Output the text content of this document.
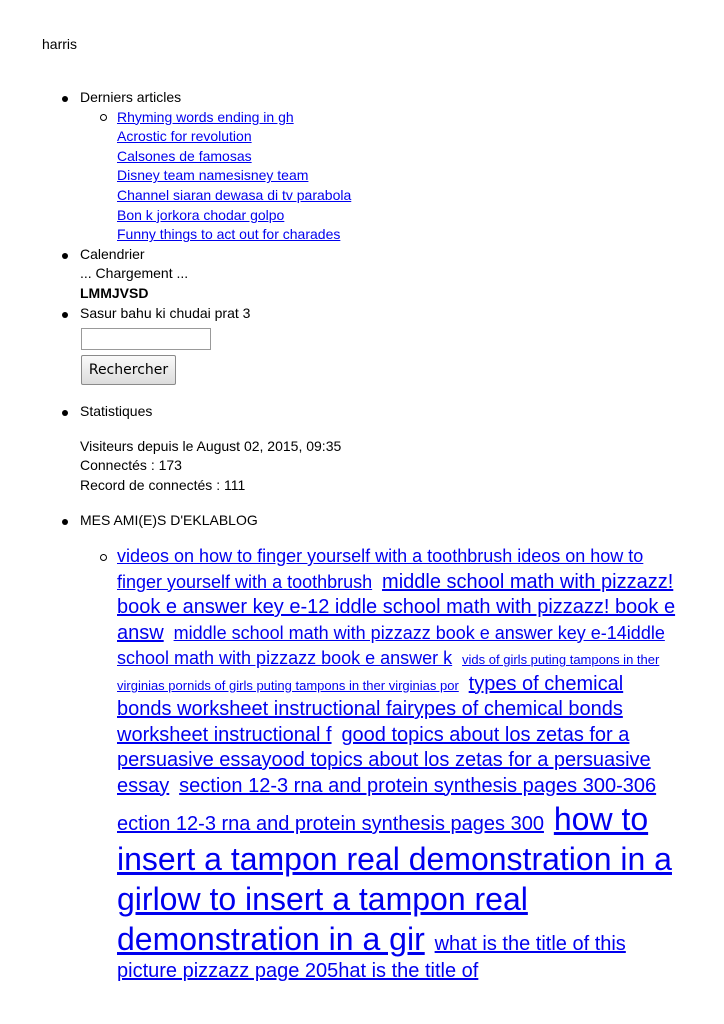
harris
Derniers articles
Rhyming words ending in gh
Acrostic for revolution
Calsones de famosas
Disney team namesisney team
Channel siaran dewasa di tv parabola
Bon k jorkora chodar golpo
Funny things to act out for charades
Calendrier
... Chargement ...
LMMJVSD
Sasur bahu ki chudai prat 3
Rechercher
Statistiques
Visiteurs depuis le August 02, 2015, 09:35
Connectés : 173
Record de connectés : 111
MES AMI(E)S D'EKLABLOG
videos on how to finger yourself with a toothbrush ideos on how to finger yourself with a toothbrush middle school math with pizzazz! book e answer key e-12 iddle school math with pizzazz! book e answ middle school math with pizzazz book e answer key e-14iddle school math with pizzazz book e answer k vids of girls puting tampons in ther virginias pornids of girls puting tampons in ther virginias por types of chemical bonds worksheet instructional fairypes of chemical bonds worksheet instructional f good topics about los zetas for a persuasive essayood topics about los zetas for a persuasive essay section 12-3 rna and protein synthesis pages 300-306 ection 12-3 rna and protein synthesis pages 300 how to insert a tampon real demonstration in a girlow to insert a tampon real demonstration in a gir what is the title of this picture pizzazz page 205hat is the title of
